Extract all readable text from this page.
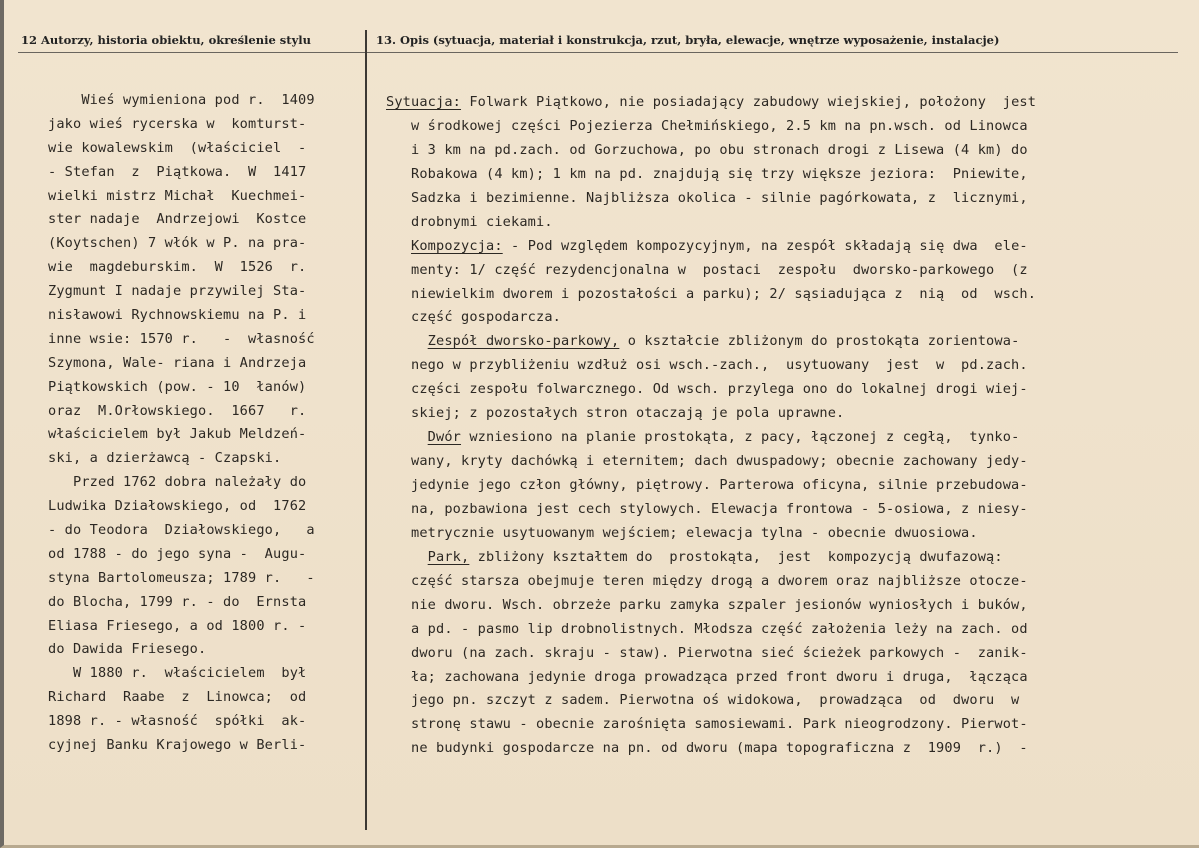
12 Autorzy, historia obiektu, określenie stylu	13. Opis (sytuacja, materiał i konstrukcja, rzut, bryła, elewacje, wnętrze wyposażenie, instalacje)
Wieś wymieniona pod r.  1409
jako wieś rycerska w  komturst-
wie kowalewskim  (właściciel  -
- Stefan  z  Piątkowa.  W  1417
wielki mistrz Michał  Kuechmei-
ster nadaje  Andrzejowi  Kostce
(Koytschen) 7 włók w P. na pra-
wie  magdeburskim.  W  1526  r.
Zygmunt I nadaje przywilej Sta-
nisławowi Rychnowskiemu na P. i
inne wsie: 1570 r.   -  własność
Szymona, Wale- riana i Andrzeja
Piątkowskich (pow. - 10  łanów)
oraz  M.Orłowskiego.  1667   r.
właścicielem był Jakub Meldzeń-
ski, a dzierżawcą - Czapski.
Przed 1762 dobra należały do
Ludwika Działowskiego, od  1762
- do Teodora  Działowskiego,   a
od 1788 - do jego syna -  Augu-
styna Bartolomeusza; 1789 r.   -
do Blocha, 1799 r. - do  Ernsta
Eliasa Friesego, a od 1800 r. -
do Dawida Friesego.
W 1880 r.  właścicielem  był
Richard  Raabe  z  Linowca;  od
1898 r. - własność  spółki  ak-
cyjnej Banku Krajowego w Berli-
Sytuacja: Folwark Piątkowo, nie posiadający zabudowy wiejskiej, położony  jest
w środkowej części Pojezierza Chełmińskiego, 2.5 km na pn.wsch. od Linowca
i 3 km na pd.zach. od Gorzuchowa, po obu stronach drogi z Lisewa (4 km) do
Robakowa (4 km); 1 km na pd. znajdują się trzy większe jeziora:  Pniewite,
Sadzka i bezimienne. Najbliższa okolica - silnie pagórkowata, z  licznymi,
drobnymi ciekami.
Kompozycja: - Pod względem kompozycyjnym, na zespół składają się dwa  ele-
menty: 1/ część rezydencjonalna w  postaci  zespołu  dworsko-parkowego  (z
niewielkim dworem i pozostałości a parku); 2/ sąsiadująca z  nią  od  wsch.
część gospodarcza.
Zespół dworsko-parkowy, o kształcie zbliżonym do prostokąta zorientowa-
nego w przybliżeniu wzdłuż osi wsch.-zach.,  usytuowany  jest  w  pd.zach.
części zespołu folwarcznego. Od wsch. przylega ono do lokalnej drogi wiej-
skiej; z pozostałych stron otaczają je pola uprawne.
Dwór wzniesiono na planie prostokąta, z pacy, łączonej z cegłą,  tynko-
wany, kryty dachówką i eternitem; dach dwuspadowy; obecnie zachowany jedy-
jedynie jego człon główny, piętrowy. Parterowa oficyna, silnie przebudowa-
na, pozbawiona jest cech stylowych. Elewacja frontowa - 5-osiowa, z niesy-
metrycznie usytuowanym wejściem; elewacja tylna - obecnie dwuosiowa.
Park, zbliżony kształtem do  prostokąta,  jest  kompozycją dwufazową:
część starsza obejmuje teren między drogą a dworem oraz najbliższe otocze-
nie dworu. Wsch. obrzeże parku zamyka szpaler jesionów wyniosłych i buków,
a pd. - pasmo lip drobnolistnych. Młodsza część założenia leży na zach. od
dworu (na zach. skraju - staw). Pierwotna sieć ścieżek parkowych -  zanik-
ła; zachowana jedynie droga prowadząca przed front dworu i druga,  łącząca
jego pn. szczyt z sadem. Pierwotna oś widokowa,  prowadząca  od  dworu  w
stronę stawu - obecnie zarośnięta samosiewami. Park nieogrodzony. Pierwot-
ne budynki gospodarcze na pn. od dworu (mapa topograficzna z  1909  r.)  -
